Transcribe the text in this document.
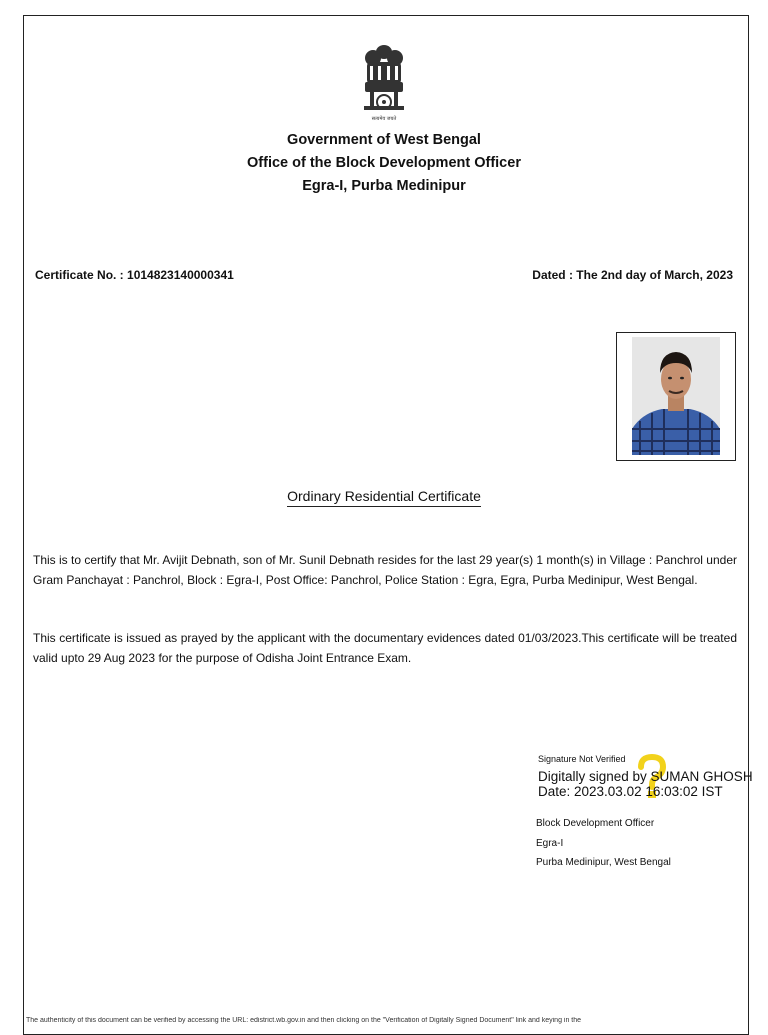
सत्यमेव जयते
Government of West Bengal
Office of the Block Development Officer
Egra-I, Purba Medinipur
Certificate No. : 1014823140000341	Dated : The 2nd day of March, 2023
Ordinary Residential Certificate
This is to certify that Mr. Avijit Debnath, son of Mr. Sunil Debnath resides for the last 29 year(s) 1 month(s) in Village : Panchrol under Gram Panchayat : Panchrol, Block : Egra-I, Post Office: Panchrol, Police Station : Egra, Egra, Purba Medinipur, West Bengal.
This certificate is issued as prayed by the applicant with the documentary evidences dated 01/03/2023.This certificate will be treated valid upto 29 Aug 2023 for the purpose of Odisha Joint Entrance Exam.
Signature Not Verified
Digitally signed by SUMAN GHOSH
Date: 2023.03.02 16:03:02 IST
Block Development Officer
Egra-I
Purba Medinipur, West Bengal
The authenticity of this document can be verified by accessing the URL: edistrict.wb.gov.in and then clicking on the "Verification of Digitally Signed Document" link and keying in the
